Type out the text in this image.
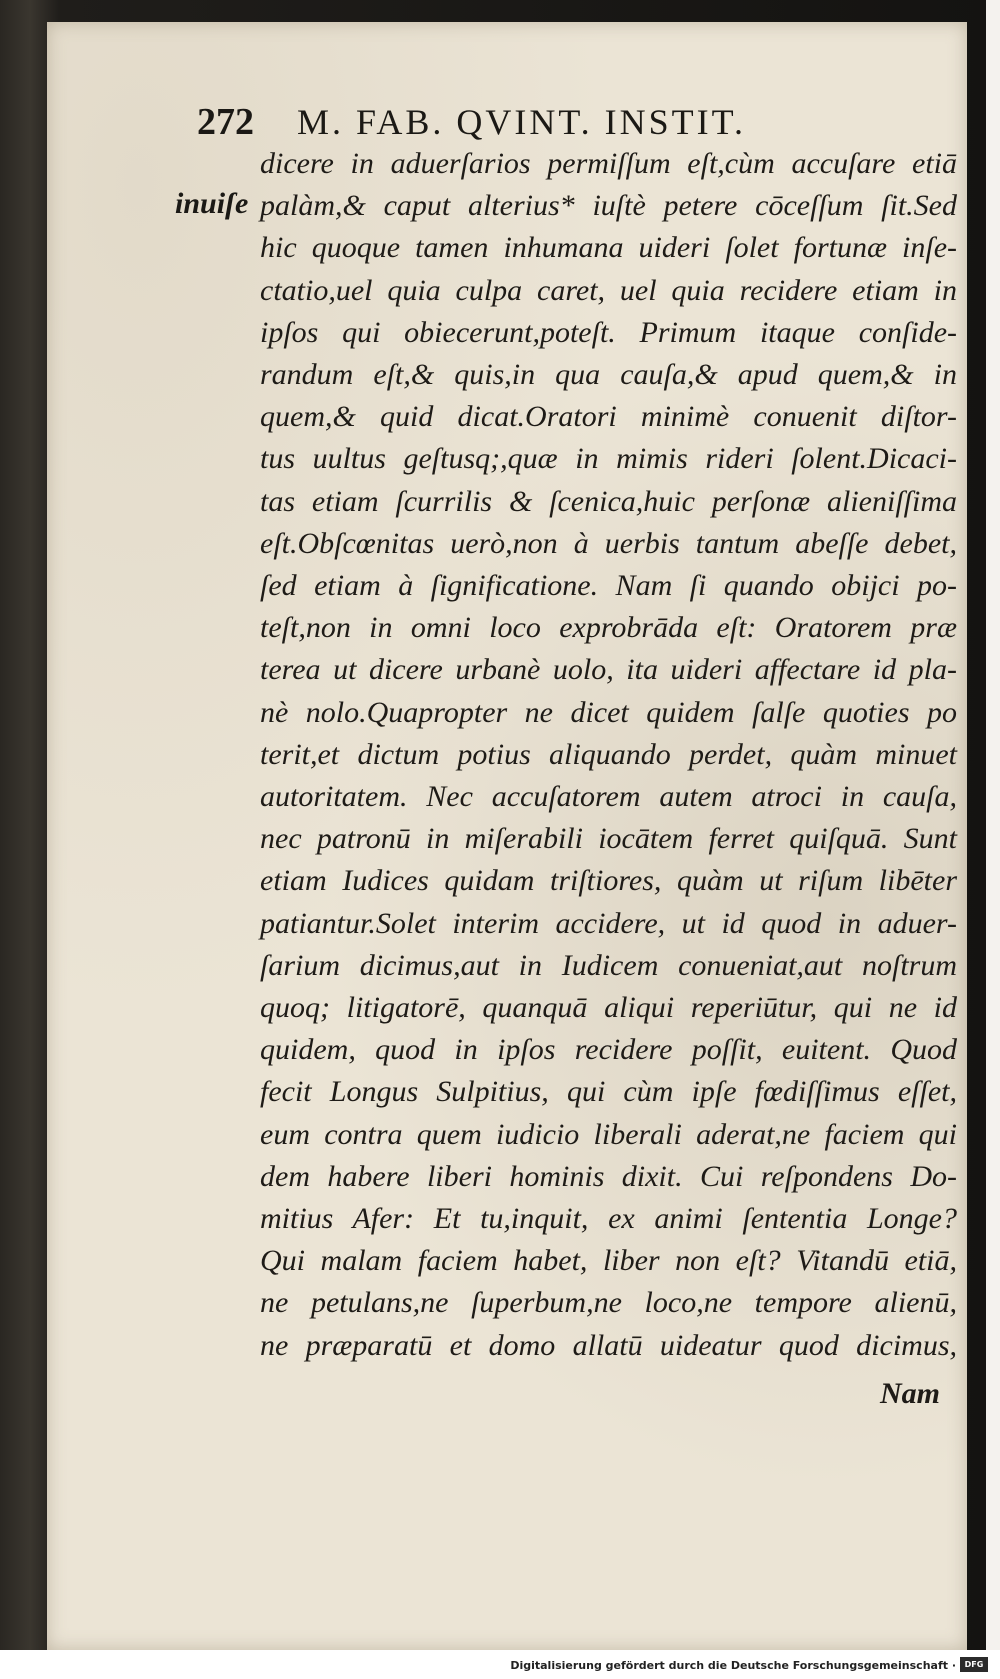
272	M. FAB. QVINT. INSTIT.
inuiſe
dicere in aduerſarios permiſſum eſt,cùm accuſare etiā
palàm,& caput alterius* iuſtè petere cōceſſum ſit.Sed
hic quoque tamen inhumana uideri ſolet fortunæ inſe-
ctatio,uel quia culpa caret, uel quia recidere etiam in
ipſos qui obiecerunt,poteſt. Primum itaque conſide-
randum eſt,& quis,in qua cauſa,& apud quem,& in
quem,& quid dicat.Oratori minimè conuenit diſtor-
tus uultus geſtusq;,quæ in mimis rideri ſolent.Dicaci-
tas etiam ſcurrilis & ſcenica,huic perſonæ alieniſſima
eſt.Obſcœnitas uerò,non à uerbis tantum abeſſe debet,
ſed etiam à ſignificatione. Nam ſi quando obijci po-
teſt,non in omni loco exprobrāda eſt: Oratorem præ
terea ut dicere urbanè uolo, ita uideri affectare id pla-
nè nolo.Quapropter ne dicet quidem ſalſe quoties po
terit,et dictum potius aliquando perdet, quàm minuet
autoritatem. Nec accuſatorem autem atroci in cauſa,
nec patronū in miſerabili iocātem ferret quiſquā. Sunt
etiam Iudices quidam triſtiores, quàm ut riſum libēter
patiantur.Solet interim accidere, ut id quod in aduer-
ſarium dicimus,aut in Iudicem conueniat,aut noſtrum
quoq; litigatorē, quanquā aliqui reperiūtur, qui ne id
quidem, quod in ipſos recidere poſſit, euitent. Quod
fecit Longus Sulpitius, qui cùm ipſe fœdiſſimus eſſet,
eum contra quem iudicio liberali aderat,ne faciem qui
dem habere liberi hominis dixit. Cui reſpondens Do-
mitius Afer: Et tu,inquit, ex animi ſententia Longe?
Qui malam faciem habet, liber non eſt? Vitandū etiā,
ne petulans,ne ſuperbum,ne loco,ne tempore alienū,
ne præparatū et domo allatū uideatur quod dicimus,
Nam
Digitalisierung gefördert durch die Deutsche Forschungsgemeinschaft ·	DFG
